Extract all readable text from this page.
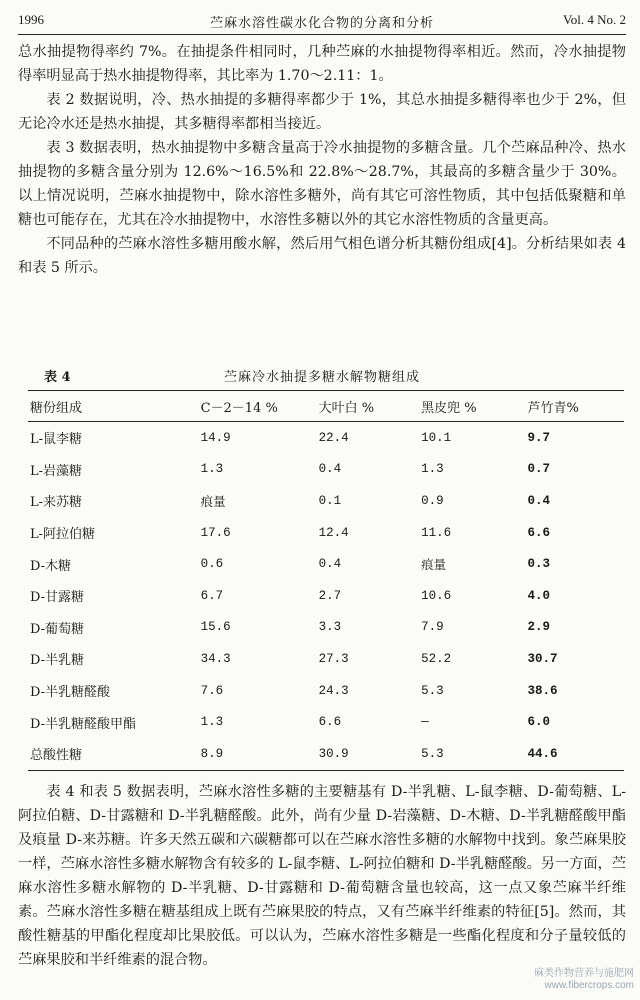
1996	苎麻水溶性碳水化合物的分离和分析	Vol. 4 No. 2

总水抽提物得率约 7%。在抽提条件相同时，几种苎麻的水抽提物得率相近。然而，冷水抽提物得率明显高于热水抽提物得率，其比率为 1.70～2.11：1。

表 2 数据说明，冷、热水抽提的多糖得率都少于 1%，其总水抽提多糖得率也少于 2%，但无论冷水还是热水抽提，其多糖得率都相当接近。

表 3 数据表明，热水抽提物中多糖含量高于冷水抽提物的多糖含量。几个苎麻品种冷、热水抽提物的多糖含量分别为 12.6%～16.5%和 22.8%～28.7%，其最高的多糖含量少于 30%。以上情况说明，苎麻水抽提物中，除水溶性多糖外，尚有其它可溶性物质，其中包括低聚糖和单糖也可能存在，尤其在冷水抽提物中，水溶性多糖以外的其它水溶性物质的含量更高。

不同品种的苎麻水溶性多糖用酸水解，然后用气相色谱分析其糖份组成[4]。分析结果如表 4 和表 5 所示。

表 4	苎麻冷水抽提多糖水解物糖组成
糖份组成	C－2－14 %	大叶白 %	黑皮兜 %	芦竹青%
L-鼠李糖	14.9	22.4	10.1	9.7
L-岩藻糖	1.3	0.4	1.3	0.7
L-来苏糖	痕量	0.1	0.9	0.4
L-阿拉伯糖	17.6	12.4	11.6	6.6
D-木糖	0.6	0.4	痕量	0.3
D-甘露糖	6.7	2.7	10.6	4.0
D-葡萄糖	15.6	3.3	7.9	2.9
D-半乳糖	34.3	27.3	52.2	30.7
D-半乳糖醛酸	7.6	24.3	5.3	38.6
D-半乳糖醛酸甲酯	1.3	6.6	—	6.0
总酸性糖	8.9	30.9	5.3	44.6

表 4 和表 5 数据表明，苎麻水溶性多糖的主要糖基有 D-半乳糖、L-鼠李糖、D-葡萄糖、L-阿拉伯糖、D-甘露糖和 D-半乳糖醛酸。此外，尚有少量 D-岩藻糖、D-木糖、D-半乳糖醛酸甲酯及痕量 D-来苏糖。许多天然五碳和六碳糖都可以在苎麻水溶性多糖的水解物中找到。象苎麻果胶一样，苎麻水溶性多糖水解物含有较多的 L-鼠李糖、L-阿拉伯糖和 D-半乳糖醛酸。另一方面，苎麻水溶性多糖水解物的 D-半乳糖、D-甘露糖和 D-葡萄糖含量也较高，这一点又象苎麻半纤维素。苎麻水溶性多糖在糖基组成上既有苎麻果胶的特点，又有苎麻半纤维素的特征[5]。然而，其酸性糖基的甲酯化程度却比果胶低。可以认为，苎麻水溶性多糖是一些酯化程度和分子量较低的苎麻果胶和半纤维素的混合物。

麻类作物营养与施肥网
www.fibercrops.com
